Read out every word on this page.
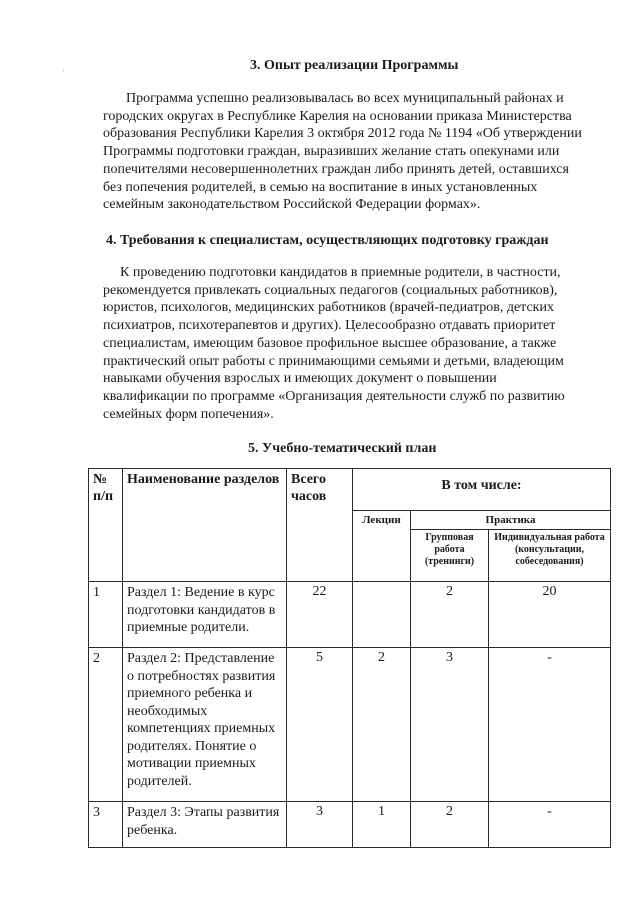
'	3. Опыт реализации Программы
Программа успешно реализовывалась во всех муниципальный районах и
городских округах в Республике Карелия на основании приказа Министерства
образования Республики Карелия 3 октября 2012 года № 1194 «Об утверждении
Программы подготовки граждан, выразивших желание стать опекунами или
попечителями несовершеннолетних граждан либо принять детей, оставшихся
без попечения родителей, в семью на воспитание в иных установленных
семейным законодательством Российской Федерации формах».
4. Требования к специалистам, осуществляющих подготовку граждан
К проведению подготовки кандидатов в приемные родители, в частности,
рекомендуется привлекать социальных педагогов (социальных работников),
юристов, психологов, медицинских работников (врачей-педиатров, детских
психиатров, психотерапевтов и других). Целесообразно отдавать приоритет
специалистам, имеющим базовое профильное высшее образование, а также
практический опыт работы с принимающими семьями и детьми, владеющим
навыками обучения взрослых и имеющих документ о повышении
квалификации по программе «Организация деятельности служб по развитию
семейных форм попечения».
5. Учебно-тематический план
№ п/п	Наименование разделов	Всего часов	В том числе:		
			Лекции	Практика	
				Групповая работа (тренинги)	Индивидуальная работа (консультации, собеседования)
1	Раздел 1: Ведение в курс подготовки кандидатов в приемные родители.	22		2	20
2	Раздел 2: Представление о потребностях развития приемного ребенка и необходимых компетенциях приемных родителях. Понятие о мотивации приемных родителей.	5	2	3	-
3	Раздел 3: Этапы развития ребенка.	3	1	2	-
